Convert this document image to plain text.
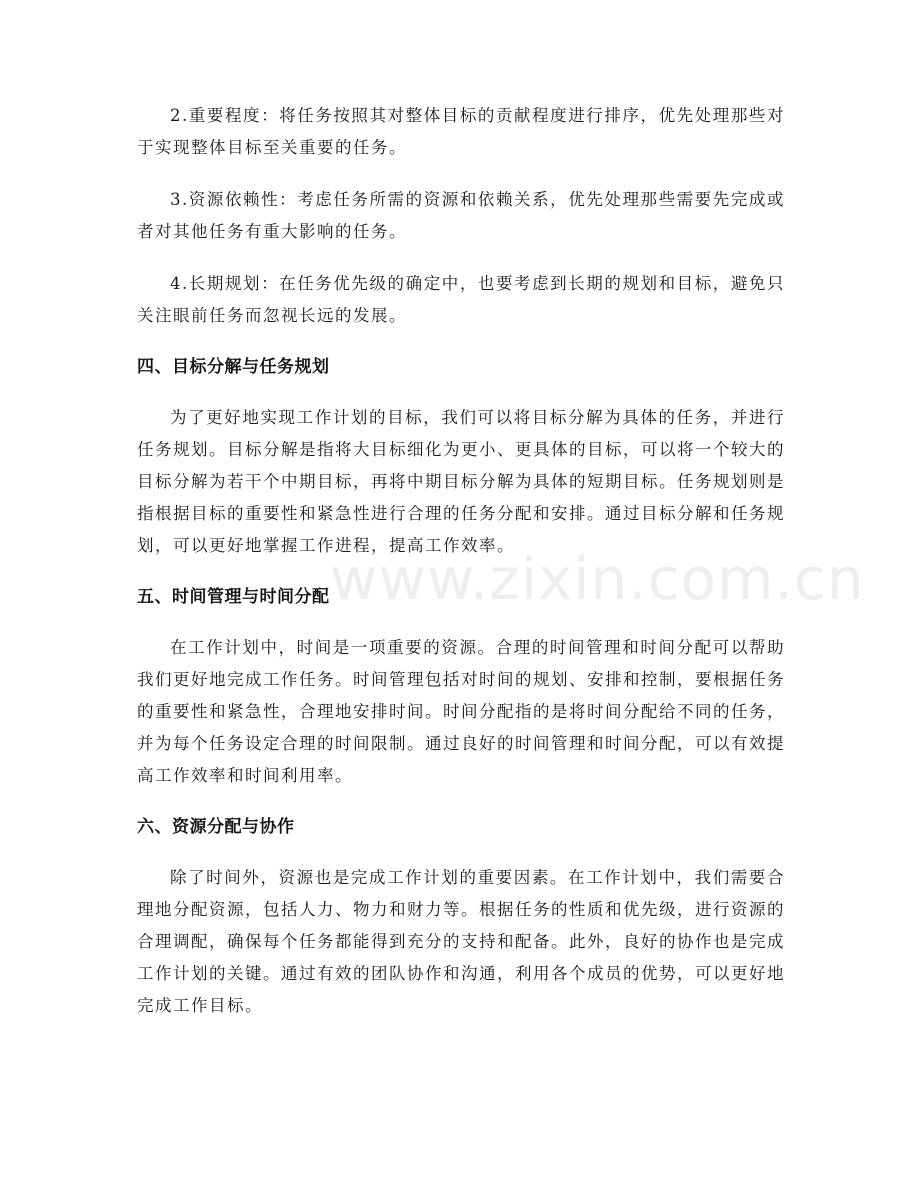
2.重要程度：将任务按照其对整体目标的贡献程度进行排序，优先处理那些对于实现整体目标至关重要的任务。

3.资源依赖性：考虑任务所需的资源和依赖关系，优先处理那些需要先完成或者对其他任务有重大影响的任务。

4.长期规划：在任务优先级的确定中，也要考虑到长期的规划和目标，避免只关注眼前任务而忽视长远的发展。

四、目标分解与任务规划

为了更好地实现工作计划的目标，我们可以将目标分解为具体的任务，并进行任务规划。目标分解是指将大目标细化为更小、更具体的目标，可以将一个较大的目标分解为若干个中期目标，再将中期目标分解为具体的短期目标。任务规划则是指根据目标的重要性和紧急性进行合理的任务分配和安排。通过目标分解和任务规划，可以更好地掌握工作进程，提高工作效率。

五、时间管理与时间分配

在工作计划中，时间是一项重要的资源。合理的时间管理和时间分配可以帮助我们更好地完成工作任务。时间管理包括对时间的规划、安排和控制，要根据任务的重要性和紧急性，合理地安排时间。时间分配指的是将时间分配给不同的任务，并为每个任务设定合理的时间限制。通过良好的时间管理和时间分配，可以有效提高工作效率和时间利用率。

六、资源分配与协作

除了时间外，资源也是完成工作计划的重要因素。在工作计划中，我们需要合理地分配资源，包括人力、物力和财力等。根据任务的性质和优先级，进行资源的合理调配，确保每个任务都能得到充分的支持和配备。此外，良好的协作也是完成工作计划的关键。通过有效的团队协作和沟通，利用各个成员的优势，可以更好地完成工作目标。

www.zixin.com.cn
